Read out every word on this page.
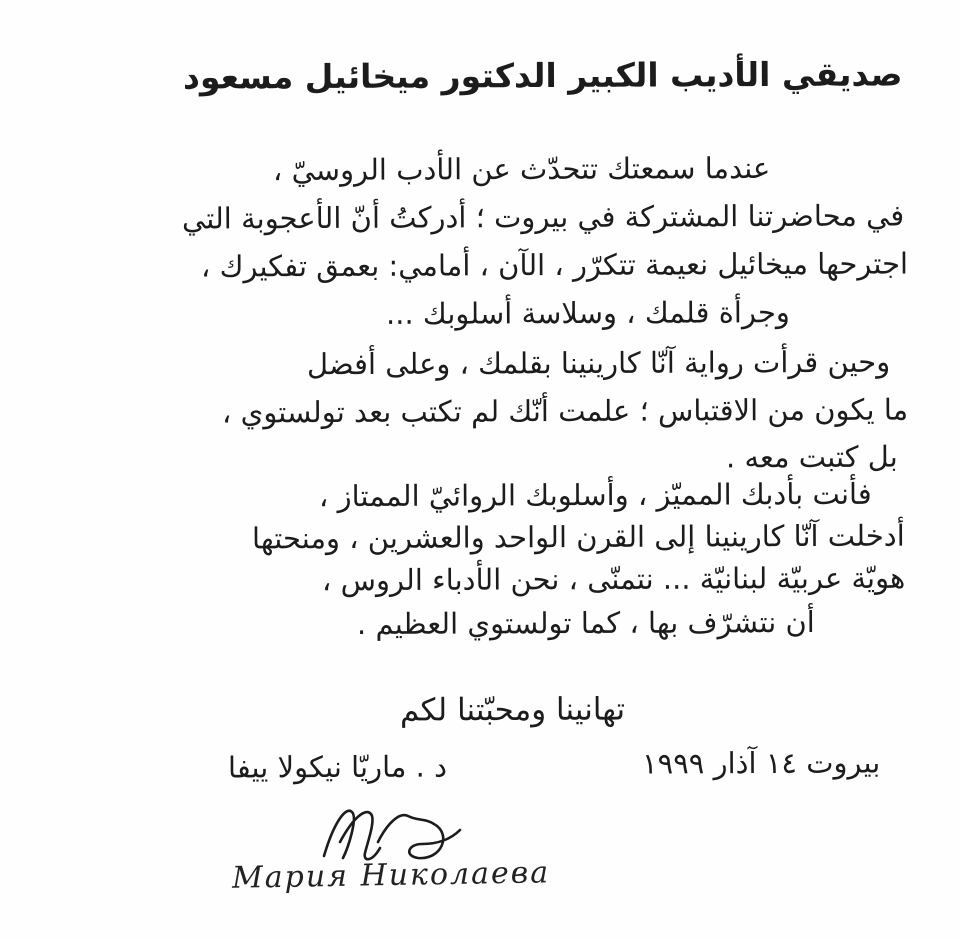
صديقي الأديب الكبير الدكتور ميخائيل مسعود
عندما سمعتك تتحدّث عن الأدب الروسيّ ،
في محاضرتنا المشتركة في بيروت ؛ أدركتُ أنّ الأعجوبة التي
اجترحها ميخائيل نعيمة تتكرّر ، الآن ، أمامي: بعمق تفكيرك ،
وجرأة قلمك ، وسلاسة أسلوبك ...
وحين قرأت رواية آنّا كارينينا بقلمك ، وعلى أفضل
ما يكون من الاقتباس ؛ علمت أنّك لم تكتب بعد تولستوي ،
بل كتبت معه .
فأنت بأدبك المميّز ، وأسلوبك الروائيّ الممتاز ،
أدخلت آنّا كارينينا إلى القرن الواحد والعشرين ، ومنحتها
هويّة عربيّة لبنانيّة ... نتمنّى ، نحن الأدباء الروس ،
أن نتشرّف بها ، كما تولستوي العظيم .
تهانينا ومحبّتنا لكم
بيروت ١٤ آذار ١٩٩٩
د . ماريّا نيكولا ييفا
Мария Николаева
